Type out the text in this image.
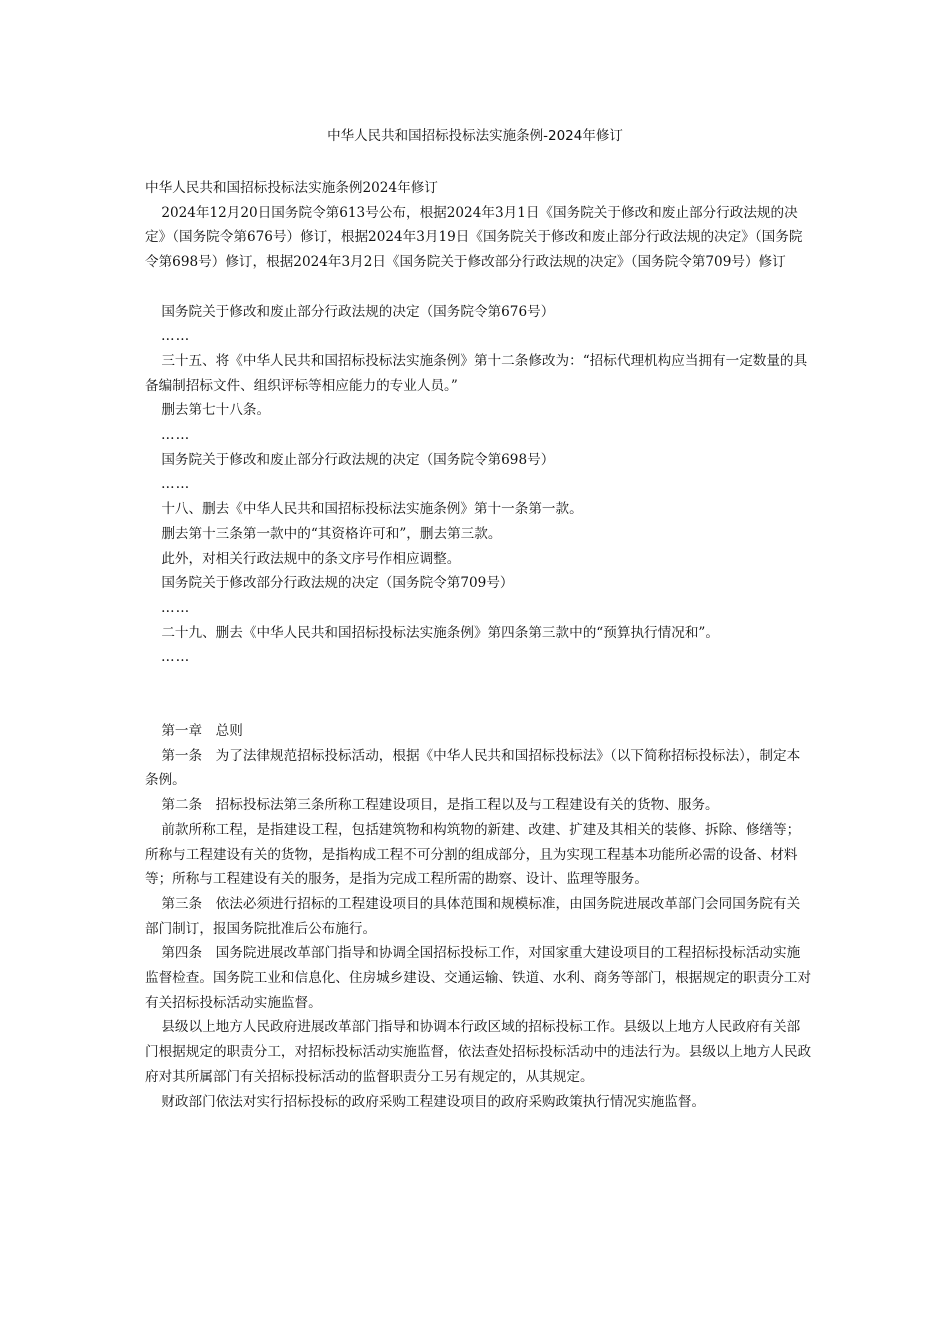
中华人民共和国招标投标法实施条例-2024年修订

中华人民共和国招标投标法实施条例2024年修订

2024年12月20日国务院令第613号公布，根据2024年3月1日《国务院关于修改和废止部分行政法规的决定》（国务院令第676号）修订，根据2024年3月19日《国务院关于修改和废止部分行政法规的决定》（国务院令第698号）修订，根据2024年3月2日《国务院关于修改部分行政法规的决定》（国务院令第709号）修订

国务院关于修改和废止部分行政法规的决定（国务院令第676号）

……

三十五、将《中华人民共和国招标投标法实施条例》第十二条修改为：“招标代理机构应当拥有一定数量的具备编制招标文件、组织评标等相应能力的专业人员。”

删去第七十八条。

……

国务院关于修改和废止部分行政法规的决定（国务院令第698号）

……

十八、删去《中华人民共和国招标投标法实施条例》第十一条第一款。

删去第十三条第一款中的“其资格许可和”，删去第三款。

此外，对相关行政法规中的条文序号作相应调整。

国务院关于修改部分行政法规的决定（国务院令第709号）

……

二十九、删去《中华人民共和国招标投标法实施条例》第四条第三款中的“预算执行情况和”。

……

第一章　总则

第一条　为了法律规范招标投标活动，根据《中华人民共和国招标投标法》（以下简称招标投标法），制定本条例。

第二条　招标投标法第三条所称工程建设项目，是指工程以及与工程建设有关的货物、服务。

前款所称工程，是指建设工程，包括建筑物和构筑物的新建、改建、扩建及其相关的装修、拆除、修缮等；所称与工程建设有关的货物，是指构成工程不可分割的组成部分，且为实现工程基本功能所必需的设备、材料等；所称与工程建设有关的服务，是指为完成工程所需的勘察、设计、监理等服务。

第三条　依法必须进行招标的工程建设项目的具体范围和规模标准，由国务院进展改革部门会同国务院有关部门制订，报国务院批准后公布施行。

第四条　国务院进展改革部门指导和协调全国招标投标工作，对国家重大建设项目的工程招标投标活动实施监督检查。国务院工业和信息化、住房城乡建设、交通运输、铁道、水利、商务等部门，根据规定的职责分工对有关招标投标活动实施监督。

县级以上地方人民政府进展改革部门指导和协调本行政区域的招标投标工作。县级以上地方人民政府有关部门根据规定的职责分工，对招标投标活动实施监督，依法查处招标投标活动中的违法行为。县级以上地方人民政府对其所属部门有关招标投标活动的监督职责分工另有规定的，从其规定。

财政部门依法对实行招标投标的政府采购工程建设项目的政府采购政策执行情况实施监督。
